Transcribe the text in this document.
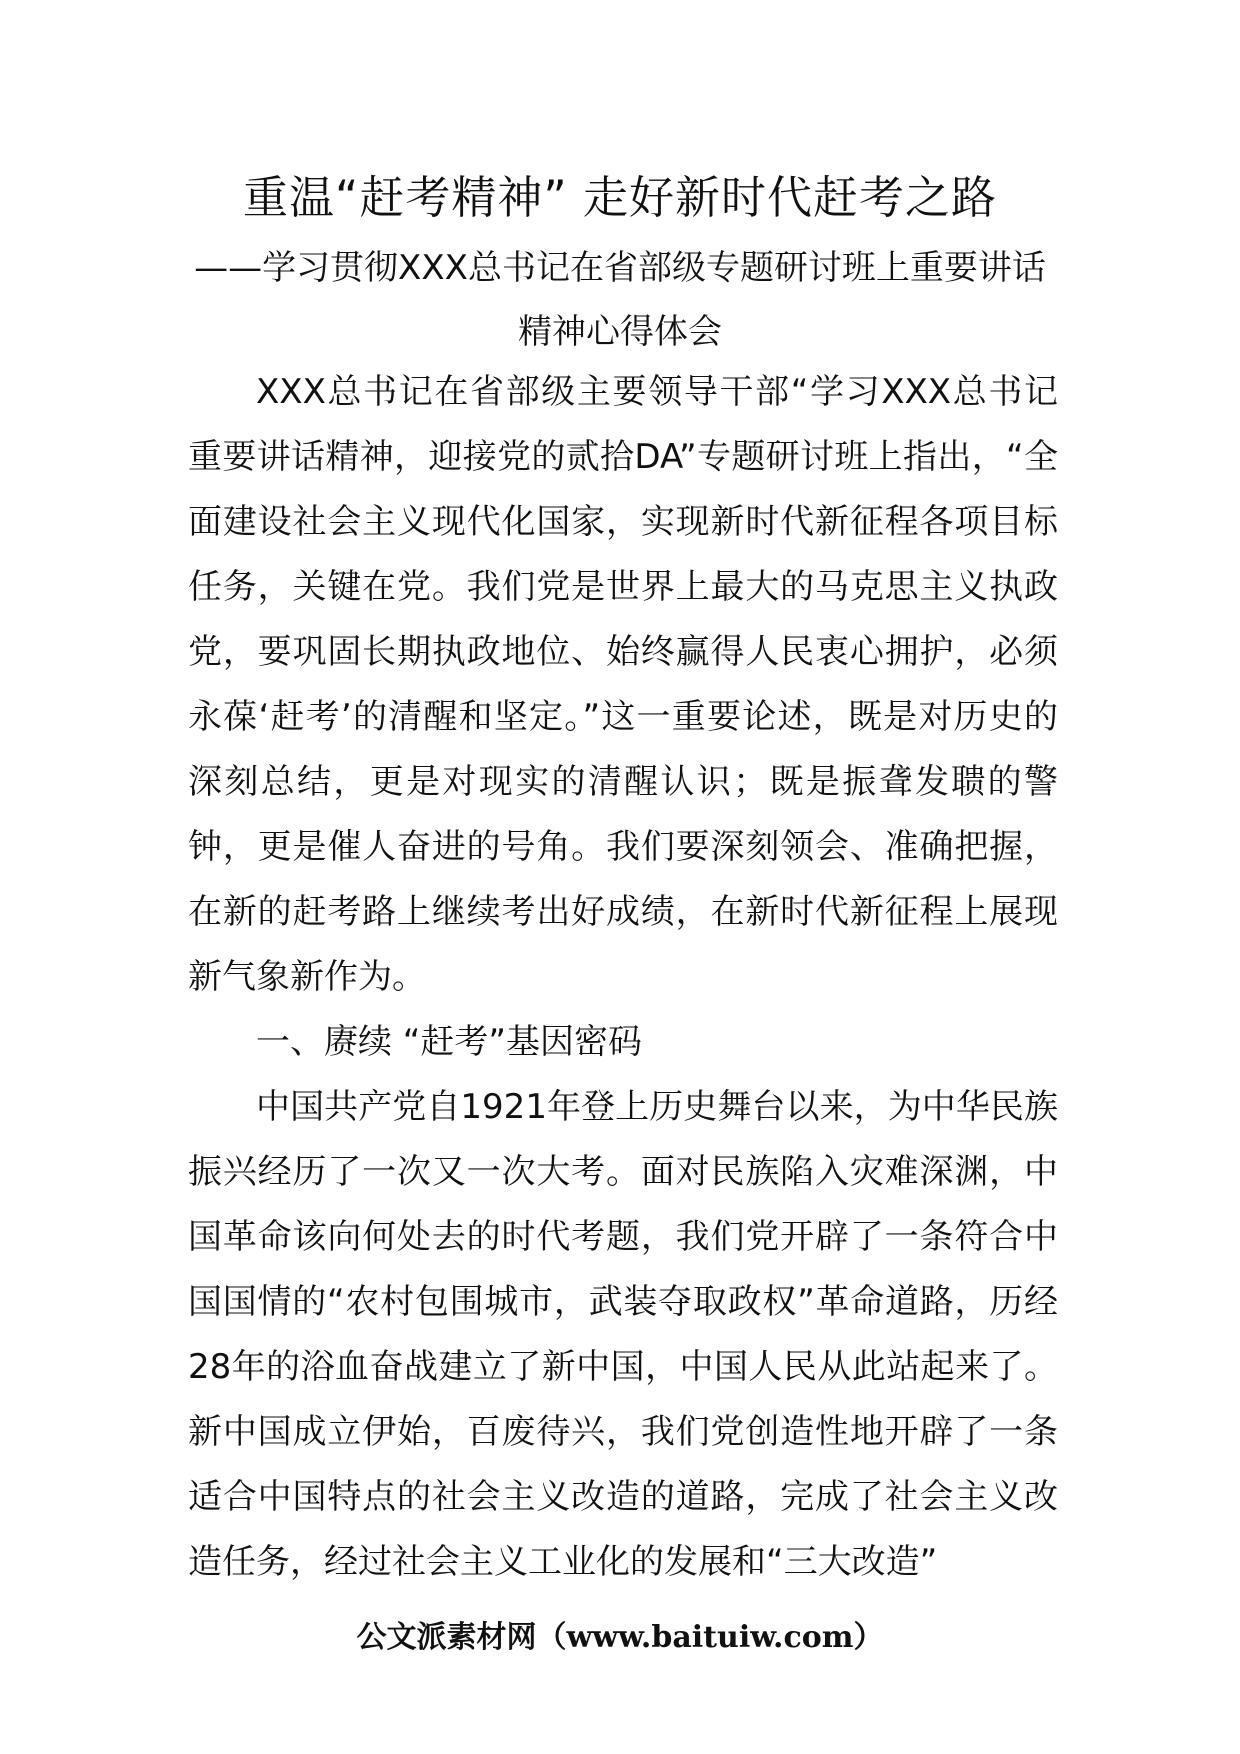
重温“赶考精神” 走好新时代赶考之路
——学习贯彻XXX总书记在省部级专题研讨班上重要讲话
精神心得体会

XXX总书记在省部级主要领导干部“学习XXX总书记重要讲话精神，迎接党的贰拾DA”专题研讨班上指出，“全面建设社会主义现代化国家，实现新时代新征程各项目标任务，关键在党。我们党是世界上最大的马克思主义执政党，要巩固长期执政地位、始终赢得人民衷心拥护，必须永葆‘赶考’的清醒和坚定。”这一重要论述，既是对历史的深刻总结，更是对现实的清醒认识；既是振聋发聩的警钟，更是催人奋进的号角。我们要深刻领会、准确把握，在新的赶考路上继续考出好成绩，在新时代新征程上展现新气象新作为。

一、赓续 “赶考”基因密码

中国共产党自1921年登上历史舞台以来，为中华民族振兴经历了一次又一次大考。面对民族陷入灾难深渊，中国革命该向何处去的时代考题，我们党开辟了一条符合中国国情的“农村包围城市，武装夺取政权”革命道路，历经28年的浴血奋战建立了新中国，中国人民从此站起来了。新中国成立伊始，百废待兴，我们党创造性地开辟了一条适合中国特点的社会主义改造的道路，完成了社会主义改造任务，经过社会主义工业化的发展和“三大改造”

公文派素材网（www.baituiw.com）
